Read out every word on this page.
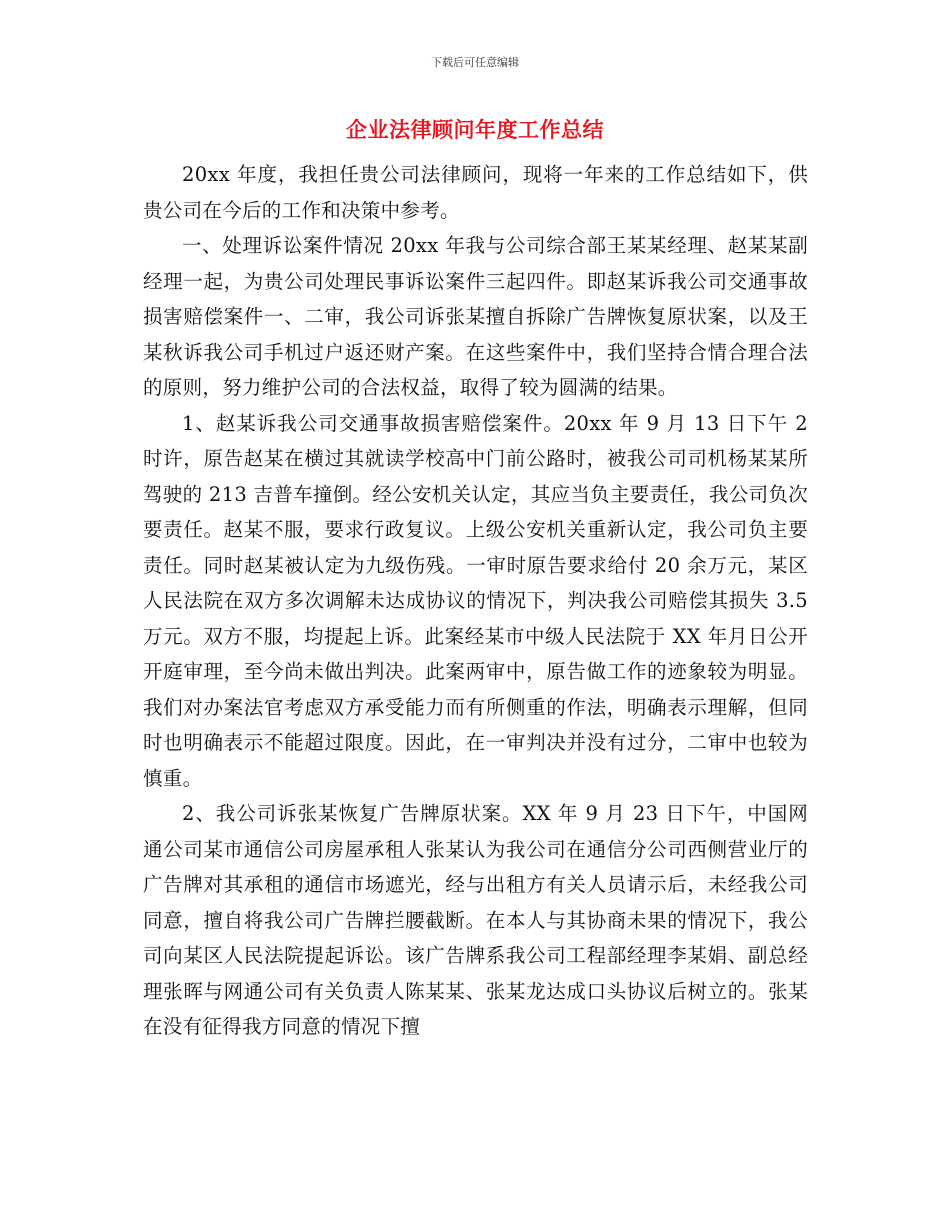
下载后可任意编辑
企业法律顾问年度工作总结

20xx 年度，我担任贵公司法律顾问，现将一年来的工作总结如下，供贵公司在今后的工作和决策中参考。

一、处理诉讼案件情况 20xx 年我与公司综合部王某某经理、赵某某副经理一起，为贵公司处理民事诉讼案件三起四件。即赵某诉我公司交通事故损害赔偿案件一、二审，我公司诉张某擅自拆除广告牌恢复原状案，以及王某秋诉我公司手机过户返还财产案。在这些案件中，我们坚持合情合理合法的原则，努力维护公司的合法权益，取得了较为圆满的结果。

1、赵某诉我公司交通事故损害赔偿案件。20xx 年 9 月 13 日下午 2 时许，原告赵某在横过其就读学校高中门前公路时，被我公司司机杨某某所驾驶的 213 吉普车撞倒。经公安机关认定，其应当负主要责任，我公司负次要责任。赵某不服，要求行政复议。上级公安机关重新认定，我公司负主要责任。同时赵某被认定为九级伤残。一审时原告要求给付 20 余万元，某区人民法院在双方多次调解未达成协议的情况下，判决我公司赔偿其损失 3.5 万元。双方不服，均提起上诉。此案经某市中级人民法院于 XX 年月日公开开庭审理，至今尚未做出判决。此案两审中，原告做工作的迹象较为明显。我们对办案法官考虑双方承受能力而有所侧重的作法，明确表示理解，但同时也明确表示不能超过限度。因此，在一审判决并没有过分，二审中也较为慎重。

2、我公司诉张某恢复广告牌原状案。XX 年 9 月 23 日下午，中国网通公司某市通信公司房屋承租人张某认为我公司在通信分公司西侧营业厅的广告牌对其承租的通信市场遮光，经与出租方有关人员请示后，未经我公司同意，擅自将我公司广告牌拦腰截断。在本人与其协商未果的情况下，我公司向某区人民法院提起诉讼。该广告牌系我公司工程部经理李某娟、副总经理张晖与网通公司有关负责人陈某某、张某龙达成口头协议后树立的。张某在没有征得我方同意的情况下擅
